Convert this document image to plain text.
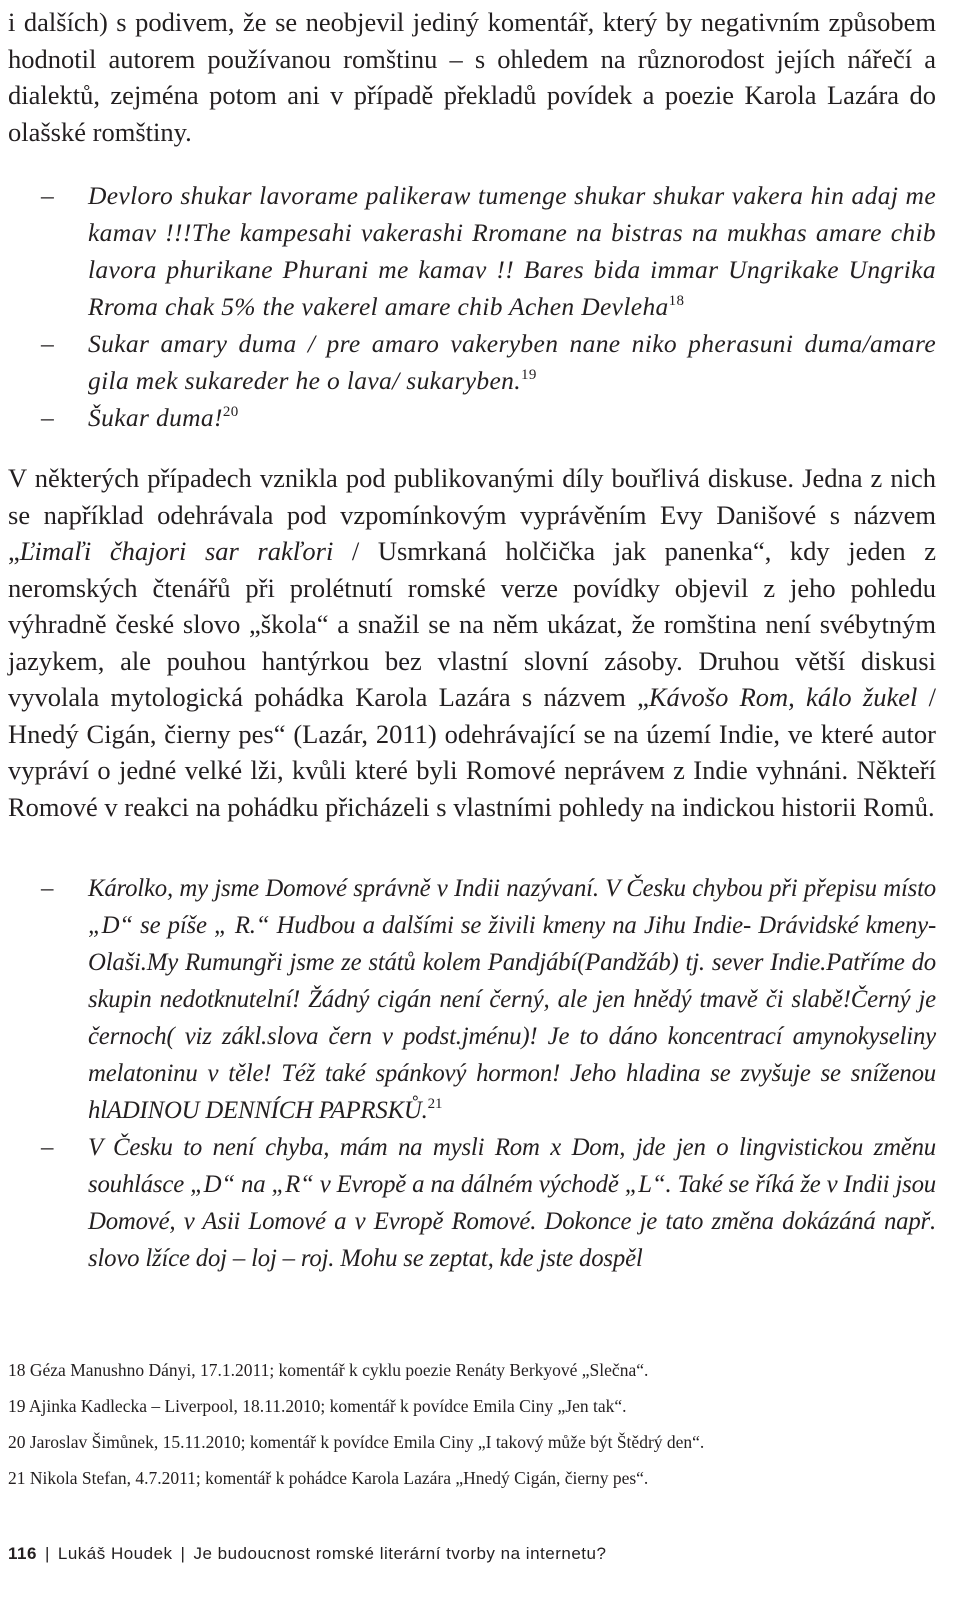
i dalších) s podivem, že se neobjevil jediný komentář, který by negativním způsobem hodnotil autorem používanou romštinu – s ohledem na různorodost jejích nářečí a dialektů, zejména potom ani v případě překladů povídek a poezie Karola Lazára do olašské romštiny.

– Devloro shukar lavorame palikeraw tumenge shukar shukar vakera hin adaj me kamav !!!The kampesahi vakerashi Rromane na bistras na mukhas amare chib lavora phurikane Phurani me kamav !! Bares bida immar Ungrikake Ungrika Rroma chak 5% the vakerel amare chib Achen Devleha$^{18}$
– Sukar amary duma / pre amaro vakeryben nane niko pherasuni duma/amare gila mek sukareder he o lava/ sukaryben.$^{19}$
– Šukar duma!$^{20}$

V některých případech vznikla pod publikovanými díly bouřlivá diskuse. Jedna z nich se například odehrávala pod vzpomínkovým vyprávěním Evy Danišové s názvem „Ľimaľi čhajori sar rakľori / Usmrkaná holčička jak panenka“, kdy jeden z neromských čtenářů při prolétnutí romské verze povídky objevil z jeho pohledu výhradně české slovo „škola“ a snažil se na něm ukázat, že romština není svébytným jazykem, ale pouhou hantýrkou bez vlastní slovní zásoby. Druhou větší diskusi vyvolala mytologická pohádka Karola Lazára s názvem „Kávošo Rom, kálo žukel / Hnedý Cigán, čierny pes“ (Lazár, 2011) odehrávající se na území Indie, ve které autor vypráví o jedné velké lži, kvůli které byli Romové nepráveм z Indie vyhnáni. Někteří Romové v reakci na pohádku přicházeli s vlastními pohledy na indickou historii Romů.

– Károlko, my jsme Domové správně v Indii nazývaní. V Česku chybou při přepisu místo „D“ se píše „ R.“ Hudbou a dalšími se živili kmeny na Jihu Indie- Drávidské kmeny-Olaši.My Rumungři jsme ze států kolem Pandjábí(Pandžáb) tj. sever Indie.Patříme do skupin nedotknutelní! Žádný cigán není černý, ale jen hnědý tmavě či slabě!Černý je černoch( viz zákl.slova čern v podst.jménu)! Je to dáno koncentrací amynokyseliny melatoninu v těle! Též také spánkový hormon! Jeho hladina se zvyšuje se sníženou hlADINOU DENNÍCH PAPRSKŮ.$^{21}$
– V Česku to není chyba, mám na mysli Rom x Dom, jde jen o lingvistickou změnu souhlásce „D“ na „R“ v Evropě a na dálném východě „L“. Také se říká že v Indii jsou Domové, v Asii Lomové a v Evropě Romové. Dokonce je tato změna dokázáná např. slovo lžíce doj – loj – roj. Mohu se zeptat, kde jste dospěl

18 Géza Manushno Dányi, 17.1.2011; komentář k cyklu poezie Renáty Berkyové „Slečna“.

19 Ajinka Kadlecka – Liverpool, 18.11.2010; komentář k povídce Emila Ciny „Jen tak“.

20 Jaroslav Šimůnek, 15.11.2010; komentář k povídce Emila Ciny „I takový může být Štědrý den“.

21 Nikola Stefan, 4.7.2011; komentář k pohádce Karola Lazára „Hnedý Cigán, čierny pes“.

116 | Lukáš Houdek | Je budoucnost romské literární tvorby na internetu?
